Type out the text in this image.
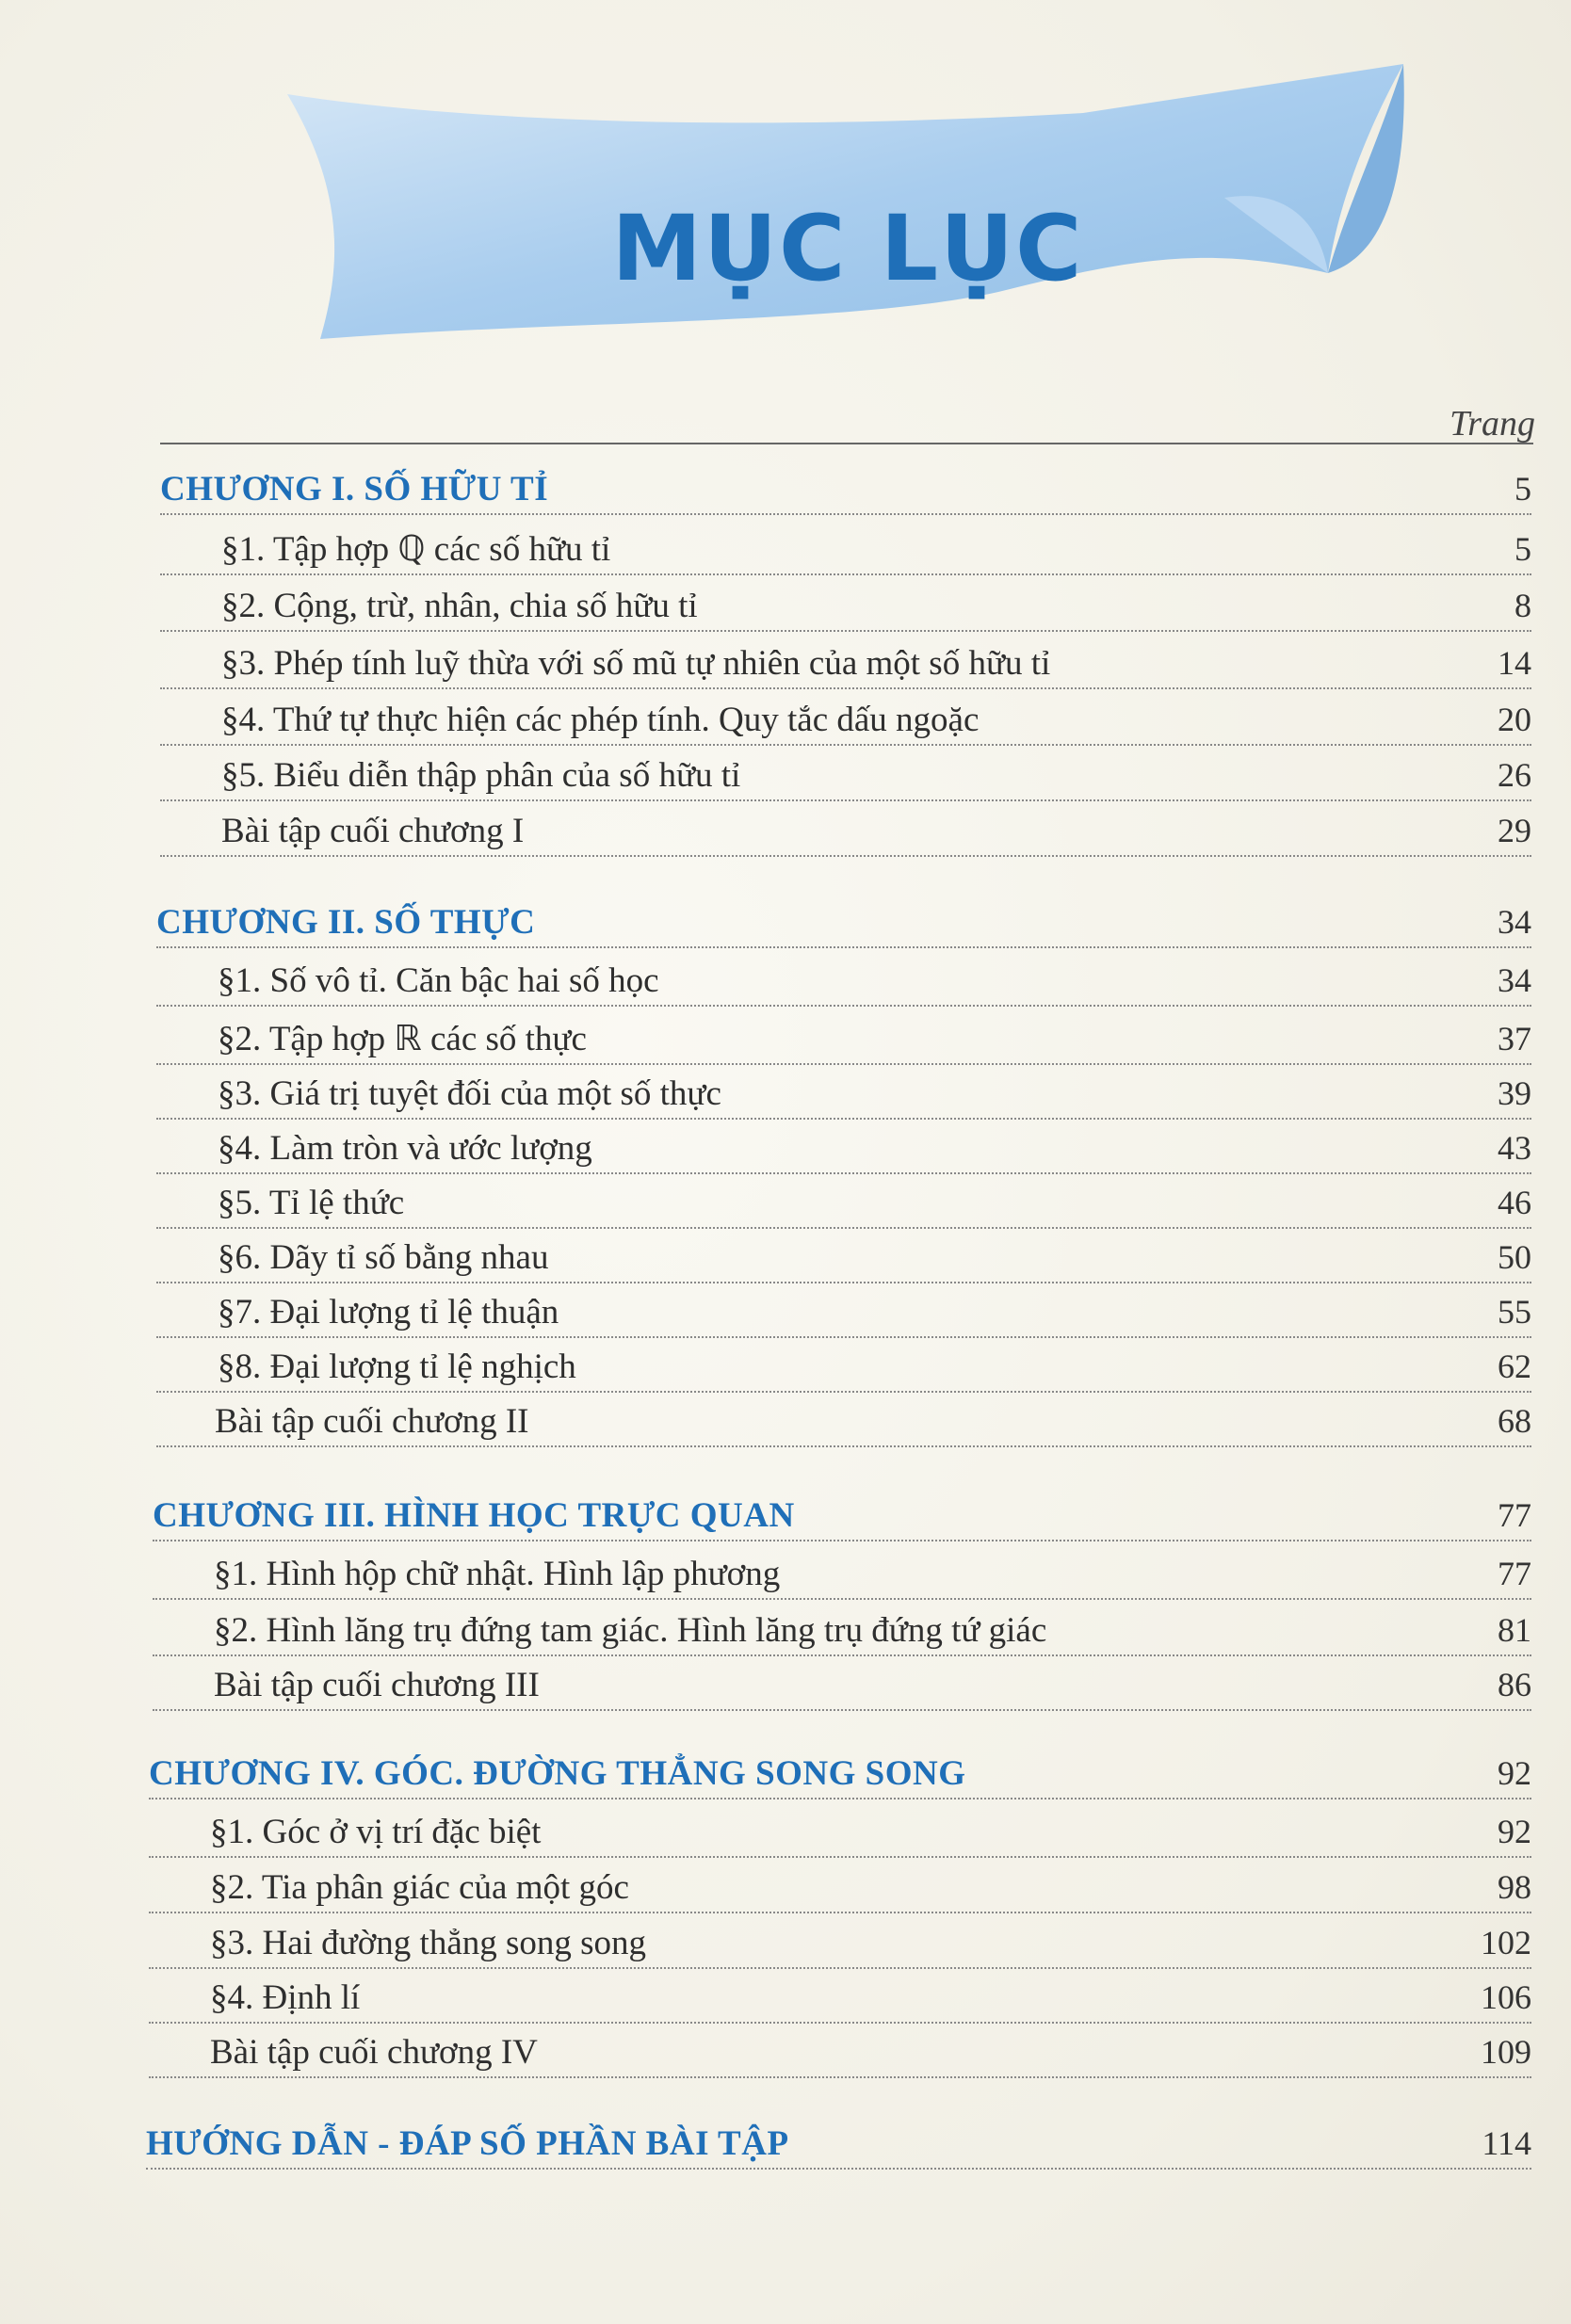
MỤC LỤC
Trang
CHƯƠNG I. SỐ HỮU TỈ	5
§1. Tập hợp ℚ các số hữu tỉ	5
§2. Cộng, trừ, nhân, chia số hữu tỉ	8
§3. Phép tính luỹ thừa với số mũ tự nhiên của một số hữu tỉ	14
§4. Thứ tự thực hiện các phép tính. Quy tắc dấu ngoặc	20
§5. Biểu diễn thập phân của số hữu tỉ	26
Bài tập cuối chương I	29
CHƯƠNG II. SỐ THỰC	34
§1. Số vô tỉ. Căn bậc hai số học	34
§2. Tập hợp ℝ các số thực	37
§3. Giá trị tuyệt đối của một số thực	39
§4. Làm tròn và ước lượng	43
§5. Tỉ lệ thức	46
§6. Dãy tỉ số bằng nhau	50
§7. Đại lượng tỉ lệ thuận	55
§8. Đại lượng tỉ lệ nghịch	62
Bài tập cuối chương II	68
CHƯƠNG III. HÌNH HỌC TRỰC QUAN	77
§1. Hình hộp chữ nhật. Hình lập phương	77
§2. Hình lăng trụ đứng tam giác. Hình lăng trụ đứng tứ giác	81
Bài tập cuối chương III	86
CHƯƠNG IV. GÓC. ĐƯỜNG THẲNG SONG SONG	92
§1. Góc ở vị trí đặc biệt	92
§2. Tia phân giác của một góc	98
§3. Hai đường thẳng song song	102
§4. Định lí	106
Bài tập cuối chương IV	109
HƯỚNG DẪN - ĐÁP SỐ PHẦN BÀI TẬP	114
